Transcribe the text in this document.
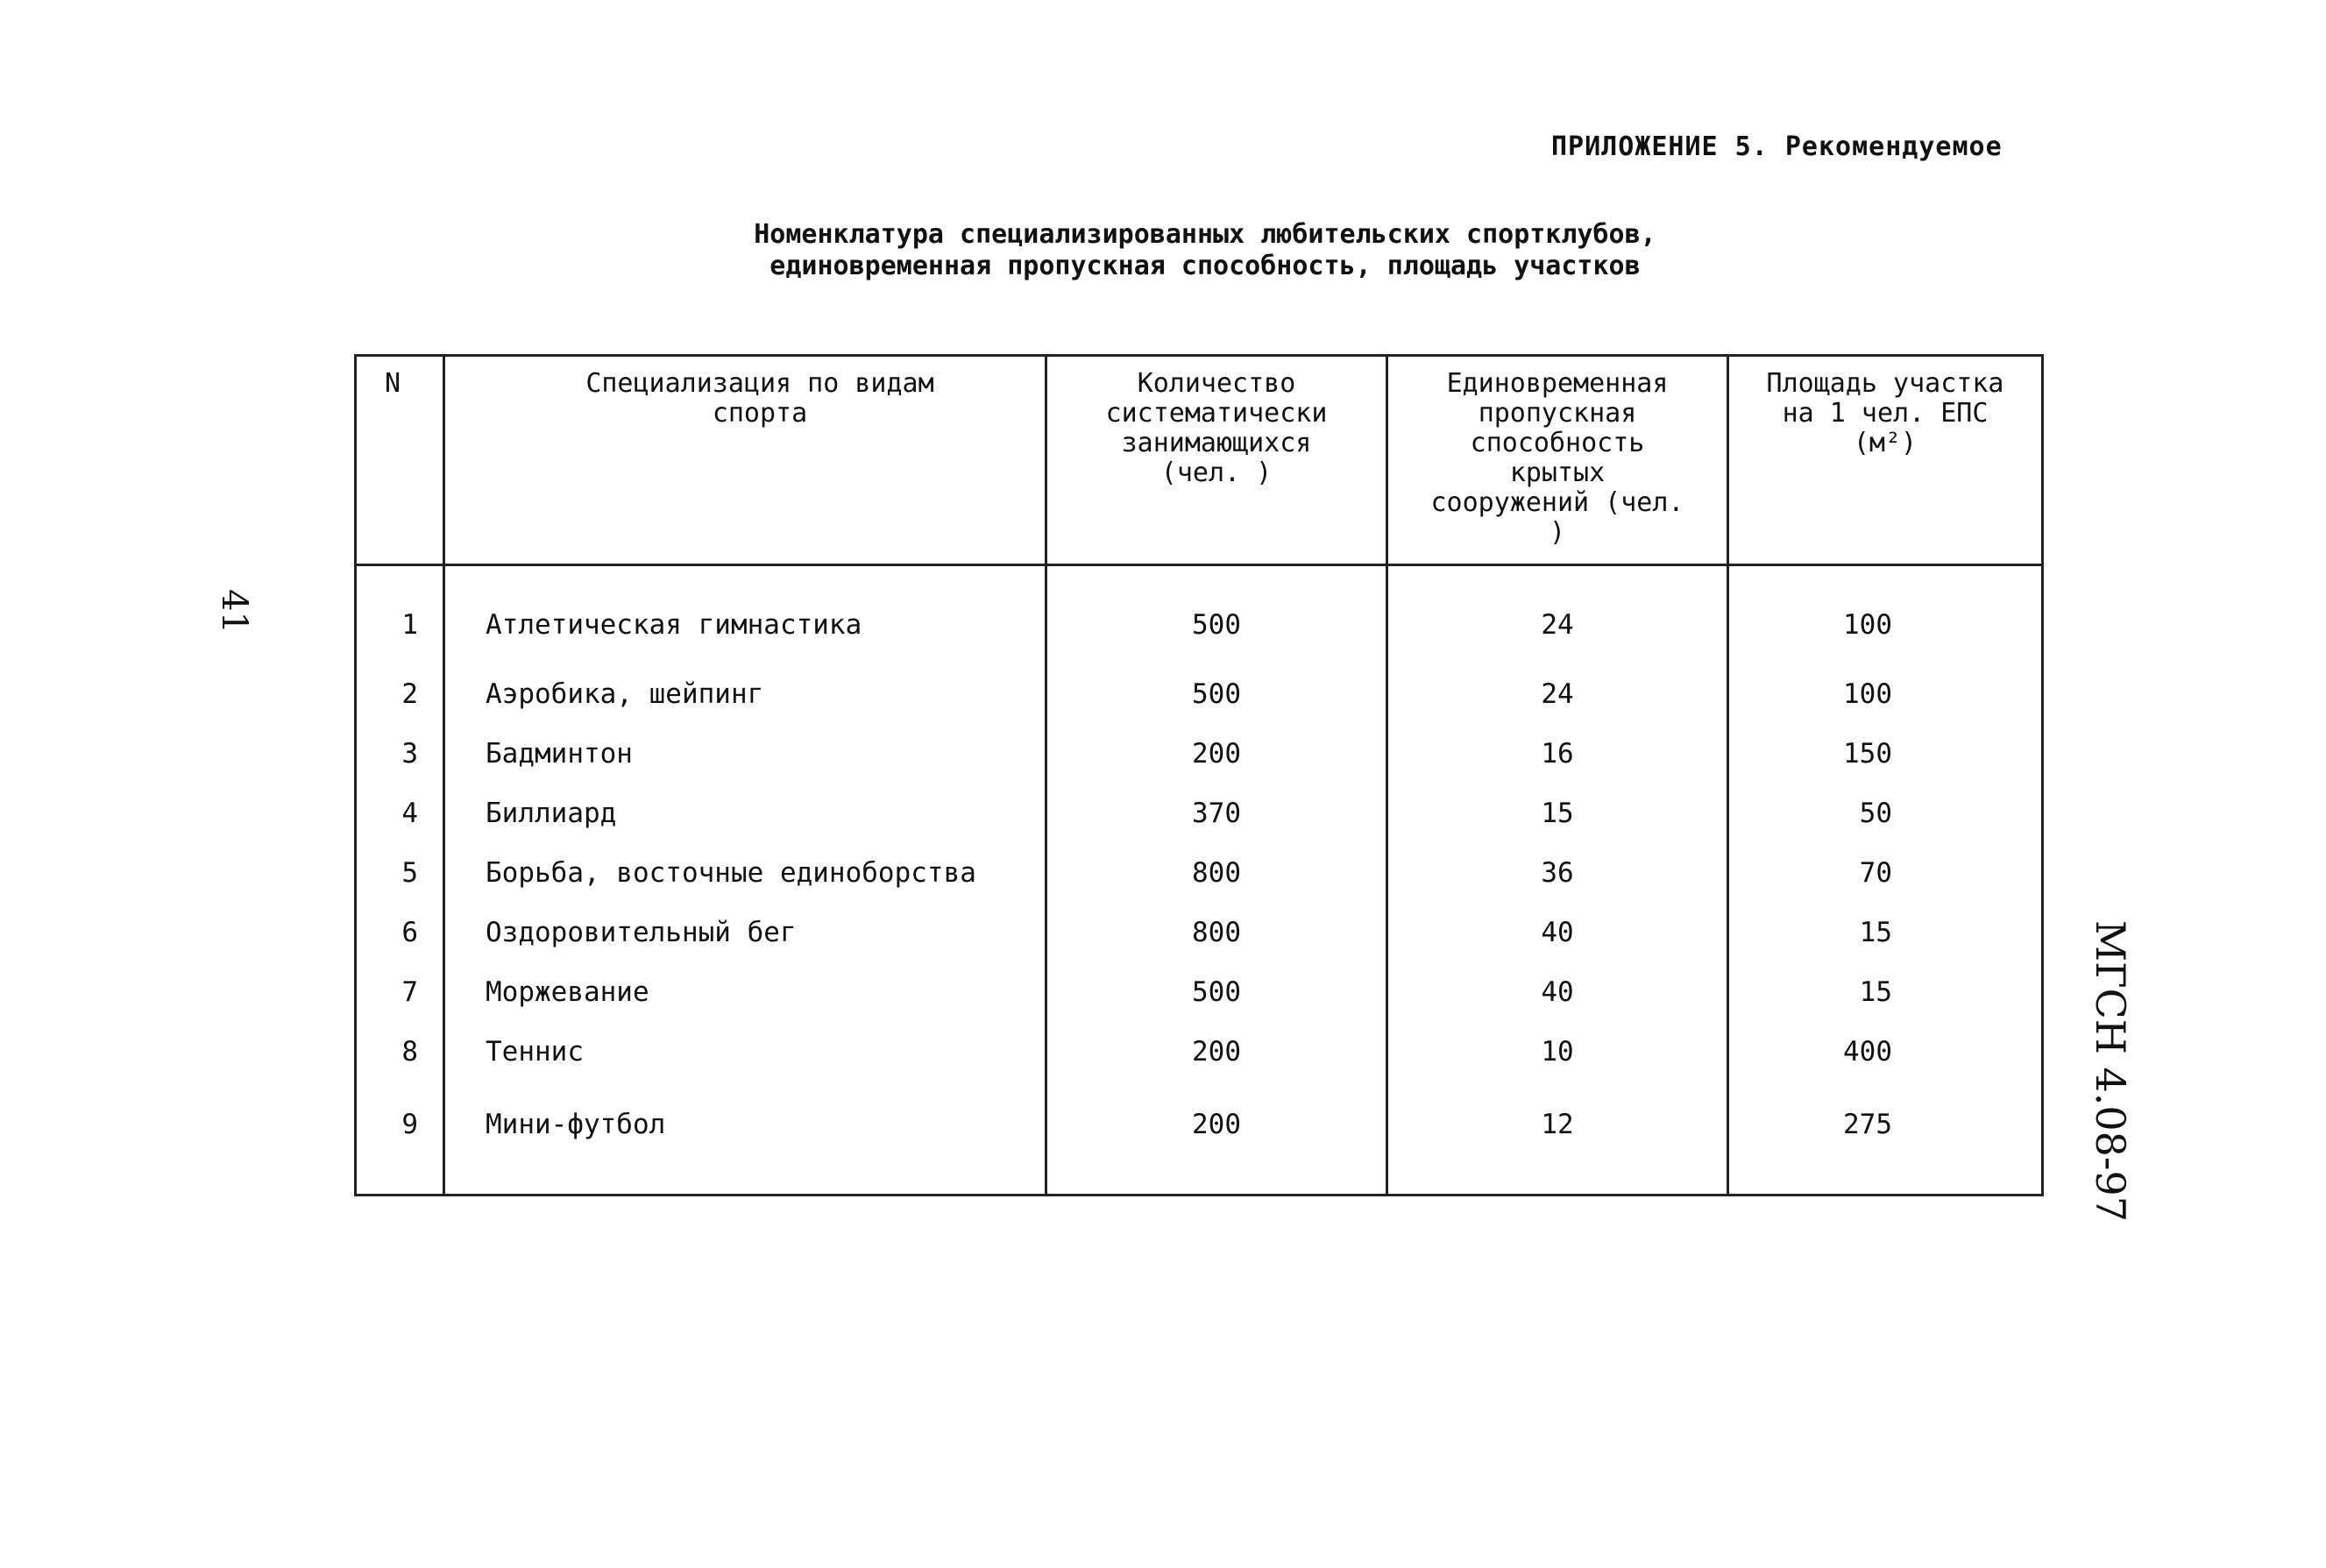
ПРИЛОЖЕНИЕ 5. Рекомендуемое
Номенклатура специализированных любительских спортклубов,
единовременная пропускная способность, площадь участков
41
МГСН 4.08-97
N	Специализация по видам спорта	Количество систематически занимающихся (чел. )	Единовременная пропускная способность крытых сооружений (чел. )	Площадь участка на 1 чел. ЕПС (м²)

1	Атлетическая гимнастика	500	24	100
2	Аэробика, шейпинг	500	24	100
3	Бадминтон	200	16	150
4	Биллиард	370	15	50
5	Борьба, восточные единоборства	800	36	70
6	Оздоровительный бег	800	40	15
7	Моржевание	500	40	15
8	Теннис	200	10	400
9	Мини-футбол	200	12	275
